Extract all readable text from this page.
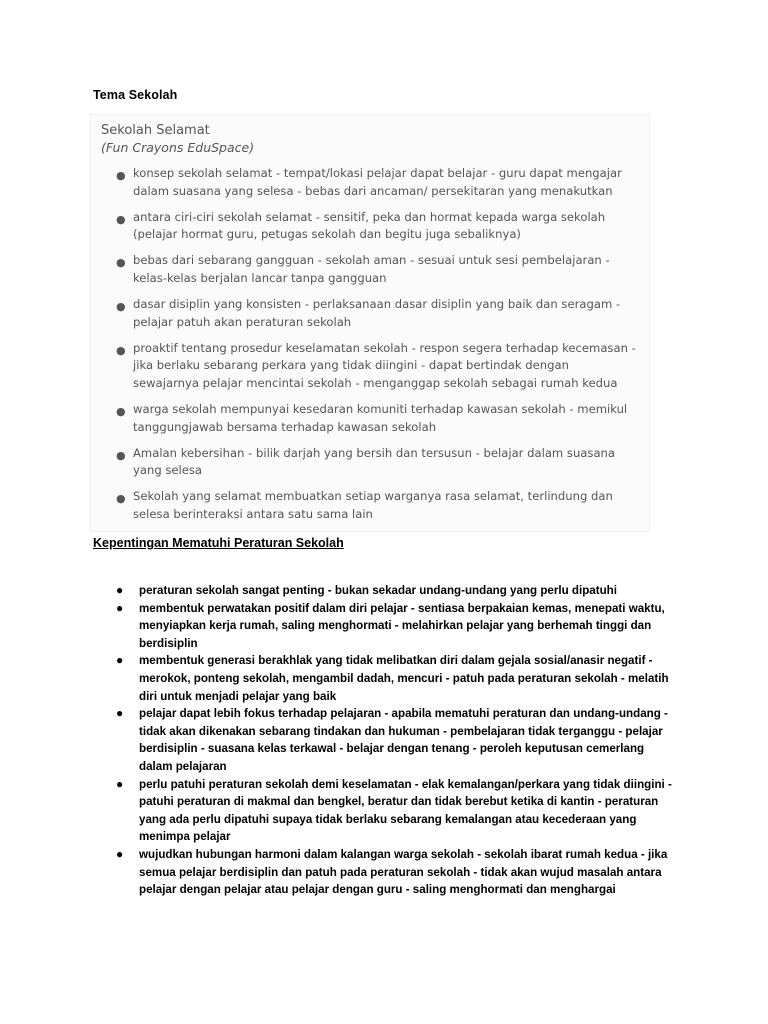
Tema Sekolah
Sekolah Selamat
(Fun Crayons EduSpace)
● konsep sekolah selamat - tempat/lokasi pelajar dapat belajar - guru dapat mengajar dalam suasana yang selesa - bebas dari ancaman/ persekitaran yang menakutkan
● antara ciri-ciri sekolah selamat - sensitif, peka dan hormat kepada warga sekolah (pelajar hormat guru, petugas sekolah dan begitu juga sebaliknya)
● bebas dari sebarang gangguan - sekolah aman - sesuai untuk sesi pembelajaran - kelas-kelas berjalan lancar tanpa gangguan
● dasar disiplin yang konsisten - perlaksanaan dasar disiplin yang baik dan seragam - pelajar patuh akan peraturan sekolah
● proaktif tentang prosedur keselamatan sekolah - respon segera terhadap kecemasan - jika berlaku sebarang perkara yang tidak diingini - dapat bertindak dengan sewajarnya pelajar mencintai sekolah - menganggap sekolah sebagai rumah kedua
● warga sekolah mempunyai kesedaran komuniti terhadap kawasan sekolah - memikul tanggungjawab bersama terhadap kawasan sekolah
● Amalan kebersihan - bilik darjah yang bersih dan tersusun - belajar dalam suasana yang selesa
● Sekolah yang selamat membuatkan setiap warganya rasa selamat, terlindung dan selesa berinteraksi antara satu sama lain
Kepentingan Mematuhi Peraturan Sekolah
● peraturan sekolah sangat penting - bukan sekadar undang-undang yang perlu dipatuhi
● membentuk perwatakan positif dalam diri pelajar - sentiasa berpakaian kemas, menepati waktu, menyiapkan kerja rumah, saling menghormati - melahirkan pelajar yang berhemah tinggi dan berdisiplin
● membentuk generasi berakhlak yang tidak melibatkan diri dalam gejala sosial/anasir negatif - merokok, ponteng sekolah, mengambil dadah, mencuri - patuh pada peraturan sekolah - melatih diri untuk menjadi pelajar yang baik
● pelajar dapat lebih fokus terhadap pelajaran - apabila mematuhi peraturan dan undang-undang - tidak akan dikenakan sebarang tindakan dan hukuman - pembelajaran tidak terganggu - pelajar berdisiplin - suasana kelas terkawal - belajar dengan tenang - peroleh keputusan cemerlang dalam pelajaran
● perlu patuhi peraturan sekolah demi keselamatan - elak kemalangan/perkara yang tidak diingini - patuhi peraturan di makmal dan bengkel, beratur dan tidak berebut ketika di kantin - peraturan yang ada perlu dipatuhi supaya tidak berlaku sebarang kemalangan atau kecederaan yang menimpa pelajar
● wujudkan hubungan harmoni dalam kalangan warga sekolah - sekolah ibarat rumah kedua - jika semua pelajar berdisiplin dan patuh pada peraturan sekolah - tidak akan wujud masalah antara pelajar dengan pelajar atau pelajar dengan guru - saling menghormati dan menghargai
